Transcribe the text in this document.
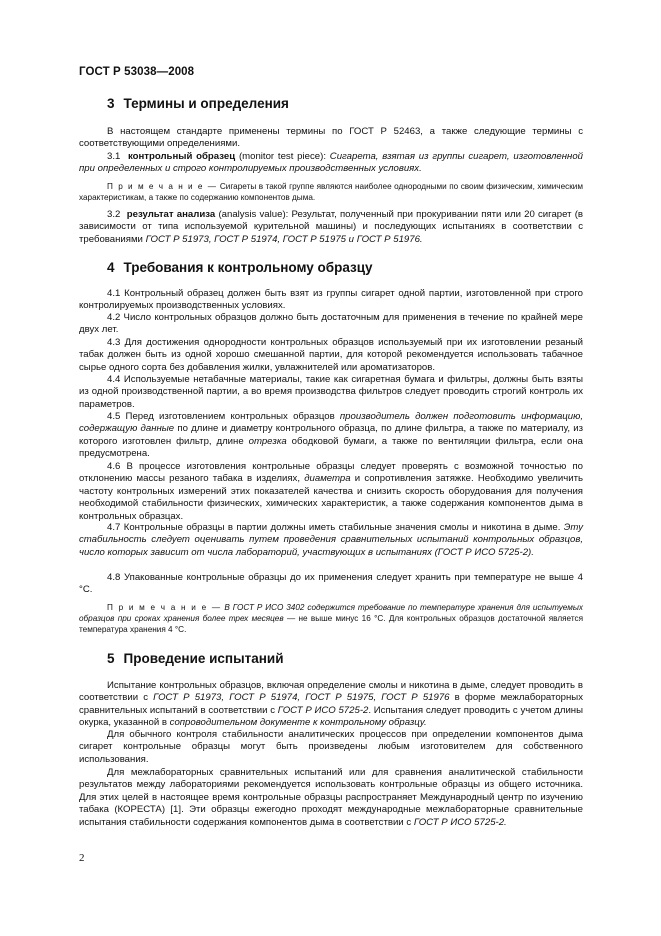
ГОСТ Р 53038—2008
3 Термины и определения
В настоящем стандарте применены термины по ГОСТ Р 52463, а также следующие термины с соответствующими определениями.
3.1 контрольный образец (monitor test piece): Сигарета, взятая из группы сигарет, изготовленной при определенных и строго контролируемых производственных условиях.
П р и м е ч а н и е — Сигареты в такой группе являются наиболее однородными по своим физическим, химическим характеристикам, а также по содержанию компонентов дыма.
3.2 результат анализа (analysis value): Результат, полученный при прокуривании пяти или 20 сигарет (в зависимости от типа используемой курительной машины) и последующих испытаниях в соответствии с требованиями ГОСТ Р 51973, ГОСТ Р 51974, ГОСТ Р 51975 и ГОСТ Р 51976.
4 Требования к контрольному образцу
4.1 Контрольный образец должен быть взят из группы сигарет одной партии, изготовленной при строго контролируемых производственных условиях.
4.2 Число контрольных образцов должно быть достаточным для применения в течение по крайней мере двух лет.
4.3 Для достижения однородности контрольных образцов используемый при их изготовлении резаный табак должен быть из одной хорошо смешанной партии, для которой рекомендуется использовать табачное сырье одного сорта без добавления жилки, увлажнителей или ароматизаторов.
4.4 Используемые нетабачные материалы, такие как сигаретная бумага и фильтры, должны быть взяты из одной производственной партии, а во время производства фильтров следует проводить строгий контроль их параметров.
4.5 Перед изготовлением контрольных образцов производитель должен подготовить информацию, содержащую данные по длине и диаметру контрольного образца, по длине фильтра, а также по материалу, из которого изготовлен фильтр, длине отрезка ободковой бумаги, а также по вентиляции фильтра, если она предусмотрена.
4.6 В процессе изготовления контрольные образцы следует проверять с возможной точностью по отклонению массы резаного табака в изделиях, диаметра и сопротивления затяжке. Необходимо увеличить частоту контрольных измерений этих показателей качества и снизить скорость оборудования для получения необходимой стабильности физических, химических характеристик, а также содержания компонентов дыма в контрольных образцах.
4.7 Контрольные образцы в партии должны иметь стабильные значения смолы и никотина в дыме. Эту стабильность следует оценивать путем проведения сравнительных испытаний контрольных образцов, число которых зависит от числа лабораторий, участвующих в испытаниях (ГОСТ Р ИСО 5725-2).
4.8 Упакованные контрольные образцы до их применения следует хранить при температуре не выше 4 °С.
П р и м е ч а н и е — В ГОСТ Р ИСО 3402 содержится требование по температуре хранения для испытуемых образцов при сроках хранения более трех месяцев — не выше минус 16 °С. Для контрольных образцов достаточной является температура хранения 4 °С.
5 Проведение испытаний
Испытание контрольных образцов, включая определение смолы и никотина в дыме, следует проводить в соответствии с ГОСТ Р 51973, ГОСТ Р 51974, ГОСТ Р 51975, ГОСТ Р 51976 в форме межлабораторных сравнительных испытаний в соответствии с ГОСТ Р ИСО 5725-2. Испытания следует проводить с учетом длины окурка, указанной в сопроводительном документе к контрольному образцу.
Для обычного контроля стабильности аналитических процессов при определении компонентов дыма сигарет контрольные образцы могут быть произведены любым изготовителем для собственного использования.
Для межлабораторных сравнительных испытаний или для сравнения аналитической стабильности результатов между лабораториями рекомендуется использовать контрольные образцы из общего источника. Для этих целей в настоящее время контрольные образцы распространяет Международный центр по изучению табака (КОРЕСТА) [1]. Эти образцы ежегодно проходят международные межлабораторные сравнительные испытания стабильности содержания компонентов дыма в соответствии с ГОСТ Р ИСО 5725-2.
2
